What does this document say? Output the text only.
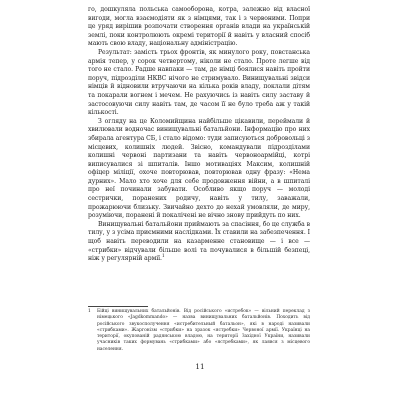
го, дошкуляла польська самооборона, котра, залежно від власної вигоди, могла взаємодіяти як з німцями, так і з червоними. Попри це уряд вирішив розпочати створення органів влади на українській землі, поки контролюють окремі території й навіть у власний спосіб мають свою владу, національну адміністрацію.

Результат: замість трьох фронтів, як минулого року, повстанська армія тепер, у сорок четвертому, ніколи не стало. Проте легше від того не стало. Радше навпаки — там, де німці боялися навіть пройти поруч, підрозділи НКВС нічого не стримувало. Винищувальні звідси німців й відновили втручаючи на кілька років владу, поклали дітям та покарали вогнем і мечем. Не рахуючись із навіть силу заставу й застосовуючи силу навіть там, де часом її не було треба аж у такій кількості.

З огляду на це Коломийщина найбільше цікавили, переймали й хвилювали водночас винищувальні батальйони. Інформацію про них збирала агентура СБ, і стало відомо: туди записуються добровольці з місцевих, колишніх людей. Звісно, командували підрозділами колишні червоні партизани та навіть червоноармійці, котрі виписувалися зі шпиталів. Іншо мотиваціях Максим, колишній офіцер міліції, охоче повторював, повторював одну фразу: «Нема дурних». Мало хто хоче для себе продовження війни, а в шпиталі про неї починали забувати. Особливо якщо поруч — молоді сестрички, поранених родичу, навіть у тилу, заважали, прожарюючи близьку. Звичайно дехто до нехай умовляли, де миру, розуміючи, поранені й покалічені не вічно знову прийдуть по них.

Винищувальні батальйони приймають за спасіння, бо це служба в тилу, у з усіма приємними наслідками. Їх ставили на забезпечення. І щоб навіть переводили на казарменне становище — і все — «стрибки» відчували більше волі та почувалися в більшій безпеці, ніж у регулярній армії.$^1$

1 Бійці винищувальних батальйонів. Від російського «истребок» — вільний переклад з німецького «Jagdkommando» — назва винищувальних батальйонів. Походить від російського звукосполучення «истребительный батальон», які в народі називали «стрибками». Жаргонізм «стрибки» на зразок «ястребки» Червоної армії. Українці на території, окупованій радянською владою, на території Західної України, називали учасників таких формувань «стрибками» або «ястребками», як лаявся з місцевого населення.

11
